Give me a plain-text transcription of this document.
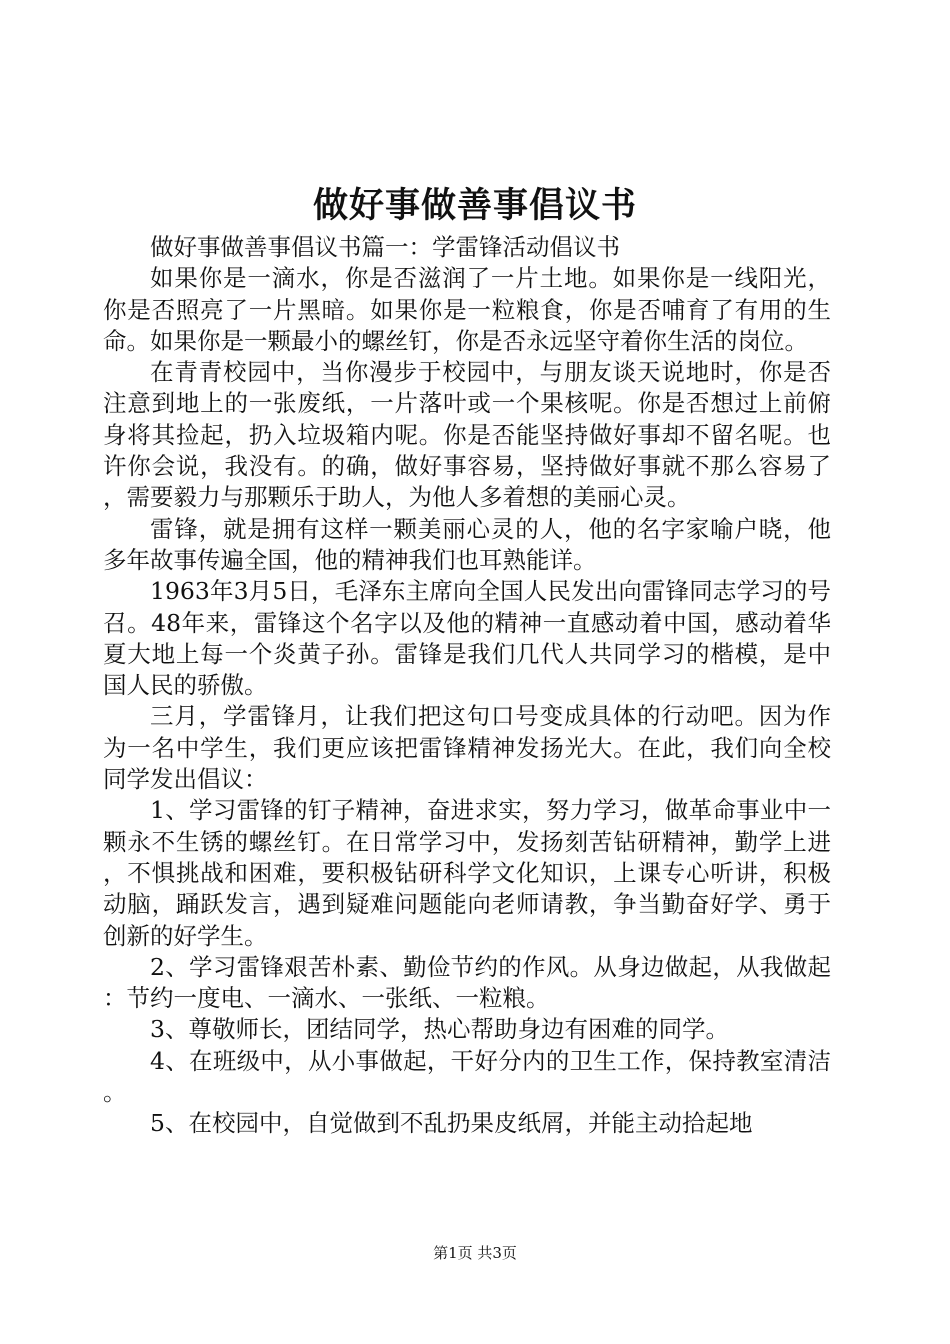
做好事做善事倡议书

做好事做善事倡议书篇一：学雷锋活动倡议书

如果你是一滴水，你是否滋润了一片土地。如果你是一线阳光，你是否照亮了一片黑暗。如果你是一粒粮食，你是否哺育了有用的生命。如果你是一颗最小的螺丝钉，你是否永远坚守着你生活的岗位。

在青青校园中，当你漫步于校园中，与朋友谈天说地时，你是否注意到地上的一张废纸，一片落叶或一个果核呢。你是否想过上前俯身将其捡起，扔入垃圾箱内呢。你是否能坚持做好事却不留名呢。也许你会说，我没有。的确，做好事容易，坚持做好事就不那么容易了，需要毅力与那颗乐于助人，为他人多着想的美丽心灵。

雷锋，就是拥有这样一颗美丽心灵的人，他的名字家喻户晓，他多年故事传遍全国，他的精神我们也耳熟能详。

1963年3月5日，毛泽东主席向全国人民发出向雷锋同志学习的号召。48年来，雷锋这个名字以及他的精神一直感动着中国，感动着华夏大地上每一个炎黄子孙。雷锋是我们几代人共同学习的楷模，是中国人民的骄傲。

三月，学雷锋月，让我们把这句口号变成具体的行动吧。因为作为一名中学生，我们更应该把雷锋精神发扬光大。在此，我们向全校同学发出倡议：

1、学习雷锋的钉子精神，奋进求实，努力学习，做革命事业中一颗永不生锈的螺丝钉。在日常学习中，发扬刻苦钻研精神，勤学上进，不惧挑战和困难，要积极钻研科学文化知识，上课专心听讲，积极动脑，踊跃发言，遇到疑难问题能向老师请教，争当勤奋好学、勇于创新的好学生。

2、学习雷锋艰苦朴素、勤俭节约的作风。从身边做起，从我做起：节约一度电、一滴水、一张纸、一粒粮。

3、尊敬师长，团结同学，热心帮助身边有困难的同学。

4、在班级中，从小事做起，干好分内的卫生工作，保持教室清洁。

5、在校园中，自觉做到不乱扔果皮纸屑，并能主动拾起地

第1页 共3页
